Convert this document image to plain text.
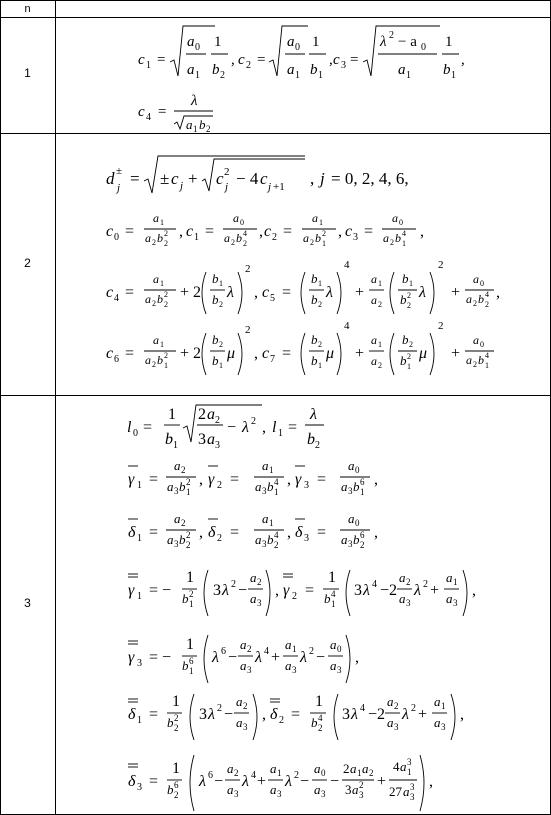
n
1
2
3
c 1 =
a 0
a 1
1
b 2
, c 2 =
a 0
a 1
1
b 1
, c 3 =
λ 2 − a 0
a 1
1
b 1
,
c 4 =
λ
a 1 b 2
d ±
j = ± c j + c 2
j − 4 c j +1 , j = 0, 2, 4, 6,
c 0 =
a 1
a 2 b 2
2
, c 1 =
a 0
a 2 b 4
2
, c 2 =
a 1
a 2 b 2
1
, c 3 =
a 0
a 2 b 4
1
,
c 4 =
a 1
a 2 b 2
2
+ 2
b 1
b 2
λ
2
, c 5 =
b 1
b 2
λ
4
+
a 1
a 2
b 1
b 2
2
λ
2
+
a 0
a 2 b 4
2
,
c 6 =
a 1
a 2 b 2
1
+ 2
b 2
b 1
μ
2
, c 7 =
b 2
b 1
μ
4
+
a 1
a 2
b 2
b 2
1
μ
2
+
a 0
a 2 b 4
1
l 0 =
1
b 1
2 a 2
3 a 3
− λ 2 , l 1 =
λ
b 2
γ 1 =
a 2
a 3 b 2
1
, γ 2 =
a 1
a 3 b 4
1
, γ 3 =
a 0
a 3 b 6
1
,
δ 1 =
a 2
a 3 b 2
2
, δ 2 =
a 1
a 3 b 4
2
, δ 3 =
a 0
a 3 b 6
2
,
γ 1 = −
1
b 2
1
3 λ 2 −
a 2
a 3
, γ 2 =
1
b 4
1
3 λ 4 −2
a 2
a 3
λ 2 +
a 1
a 3
,
γ 3 = −
1
b 6
1
λ 6 −
a 2
a 3
λ 4 +
a 1
a 3
λ 2 −
a 0
a 3
,
δ 1 =
1
b 2
2
3 λ 2 −
a 2
a 3
, δ 2 =
1
b 4
2
3 λ 4 −2
a 2
a 3
λ 2 +
a 1
a 3
,
δ 3 =
1
b 6
2
λ 6 −
a 2
a 3
λ 4 +
a 1
a 3
λ 2 −
a 0
a 3
−
2 a 1 a 2
3 a 2
3
+
4 a 3
1
27 a 3
3
,
